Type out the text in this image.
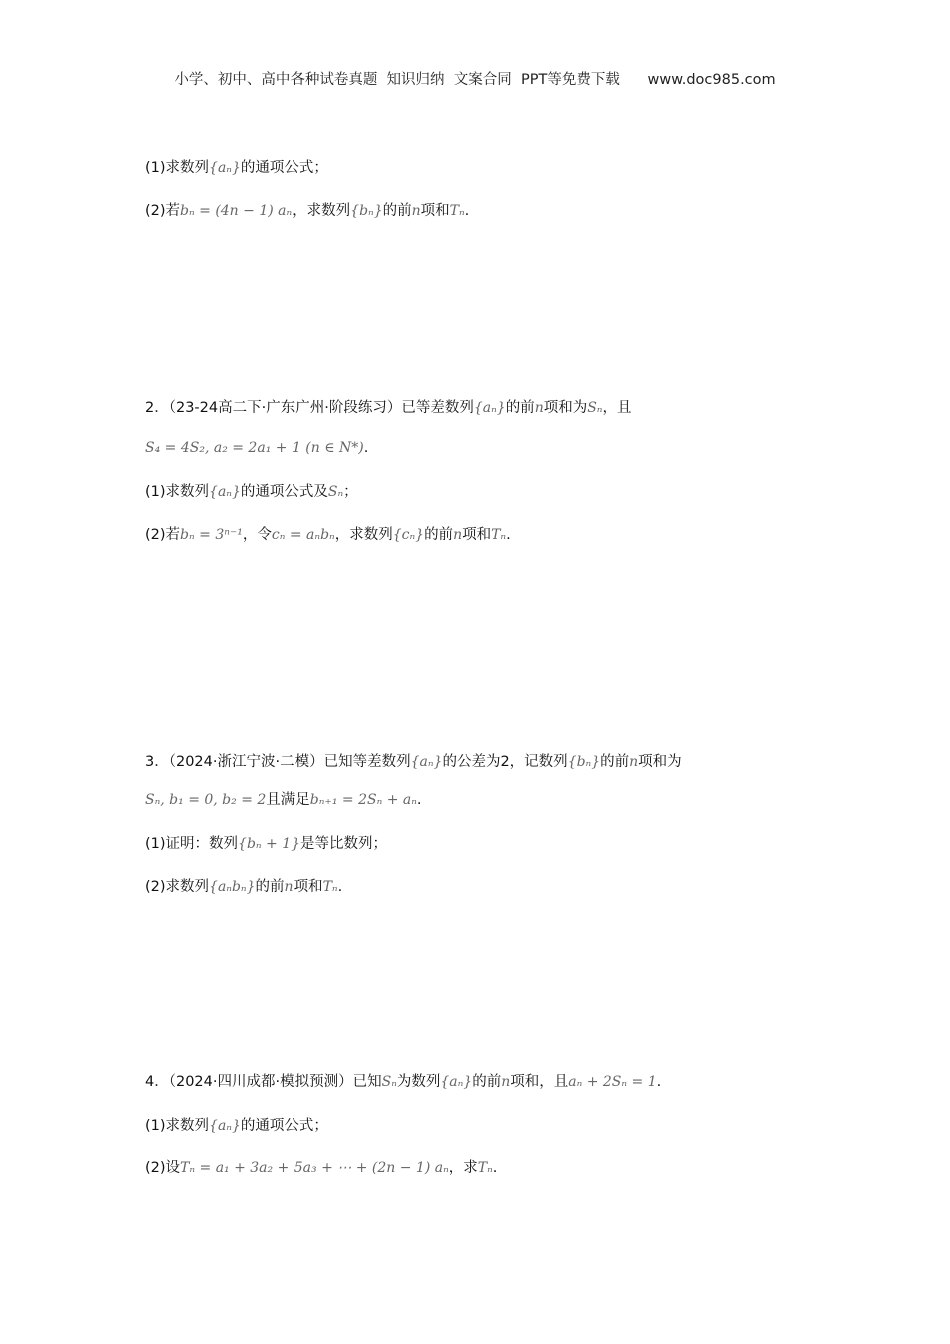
小学、初中、高中各种试卷真题  知识归纳  文案合同  PPT等免费下载      www.doc985.com
(1)求数列{aₙ}的通项公式；
(2)若bₙ = (4n − 1) aₙ，求数列{bₙ}的前n项和Tₙ.
2．（23-24高二下·广东广州·阶段练习）已等差数列{aₙ}的前n项和为Sₙ，且
S₄ = 4S₂, a₂ = 2a₁ + 1 (n ∈ N*).
(1)求数列{aₙ}的通项公式及Sₙ；
(2)若bₙ = 3ⁿ⁻¹，令cₙ = aₙbₙ，求数列{cₙ}的前n项和Tₙ.
3．（2024·浙江宁波·二模）已知等差数列{aₙ}的公差为2，记数列{bₙ}的前n项和为
Sₙ, b₁ = 0, b₂ = 2且满足bₙ₊₁ = 2Sₙ + aₙ.
(1)证明：数列{bₙ + 1}是等比数列；
(2)求数列{aₙbₙ}的前n项和Tₙ.
4．（2024·四川成都·模拟预测）已知Sₙ为数列{aₙ}的前n项和，且aₙ + 2Sₙ = 1.
(1)求数列{aₙ}的通项公式；
(2)设Tₙ = a₁ + 3a₂ + 5a₃ + ⋯ + (2n − 1) aₙ，求Tₙ.
